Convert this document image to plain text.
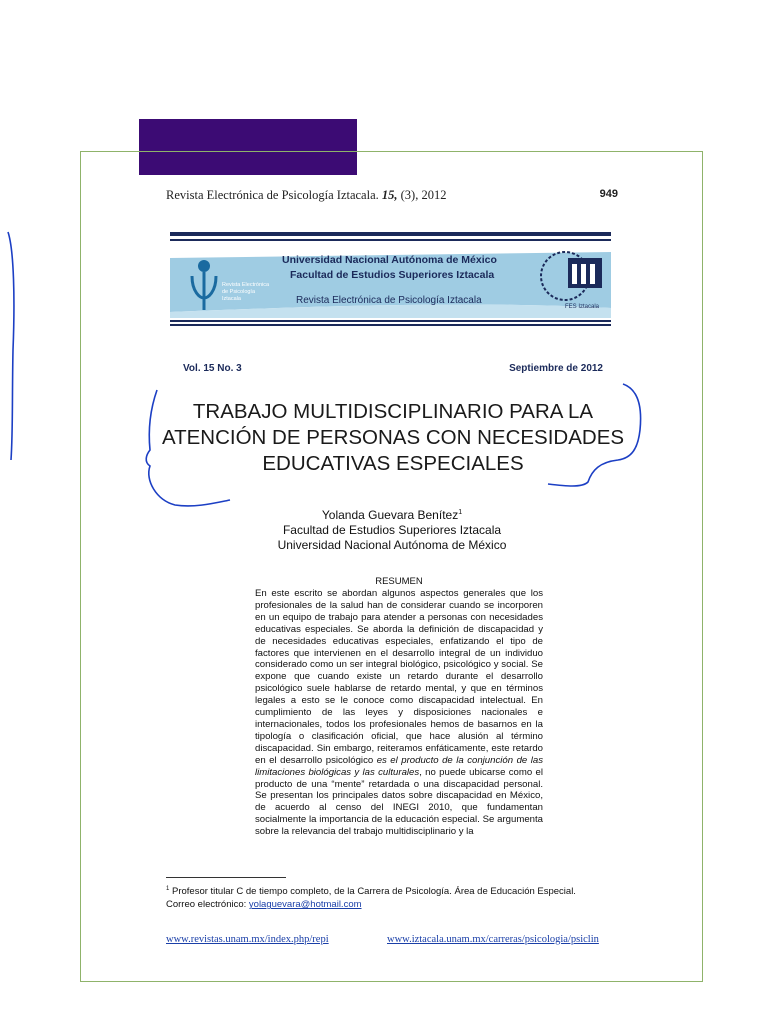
Revista Electrónica de Psicología Iztacala. 15, (3), 2012	949
Revista Electrónica
de Psicología
Iztacala
Universidad Nacional Autónoma de México
Facultad de Estudios Superiores Iztacala
Revista Electrónica de Psicología Iztacala
FES Iztacala
Vol. 15 No. 3	Septiembre de 2012
TRABAJO MULTIDISCIPLINARIO PARA LA ATENCIÓN DE PERSONAS CON NECESIDADES EDUCATIVAS ESPECIALES
Yolanda Guevara Benítez$^1$
Facultad de Estudios Superiores Iztacala
Universidad Nacional Autónoma de México
RESUMEN

En este escrito se abordan algunos aspectos generales que los profesionales de la salud han de considerar cuando se incorporen en un equipo de trabajo para atender a personas con necesidades educativas especiales. Se aborda la definición de discapacidad y de necesidades educativas especiales, enfatizando el tipo de factores que intervienen en el desarrollo integral de un individuo considerado como un ser integral biológico, psicológico y social. Se expone que cuando existe un retardo durante el desarrollo psicológico suele hablarse de retardo mental, y que en términos legales a esto se le conoce como discapacidad intelectual. En cumplimiento de las leyes y disposiciones nacionales e internacionales, todos los profesionales hemos de basarnos en la tipología o clasificación oficial, que hace alusión al término discapacidad. Sin embargo, reiteramos enfáticamente, este retardo en el desarrollo psicológico es el producto de la conjunción de las limitaciones biológicas y las culturales, no puede ubicarse como el producto de una “mente” retardada o una discapacidad personal. Se presentan los principales datos sobre discapacidad en México, de acuerdo al censo del INEGI 2010, que fundamentan socialmente la importancia de la educación especial. Se argumenta sobre la relevancia del trabajo multidisciplinario y la

$^1$ Profesor titular C de tiempo completo, de la Carrera de Psicología. Área de Educación Especial.
Correo electrónico: yolaguevara@hotmail.com
www.revistas.unam.mx/index.php/repi	www.iztacala.unam.mx/carreras/psicologia/psiclin
